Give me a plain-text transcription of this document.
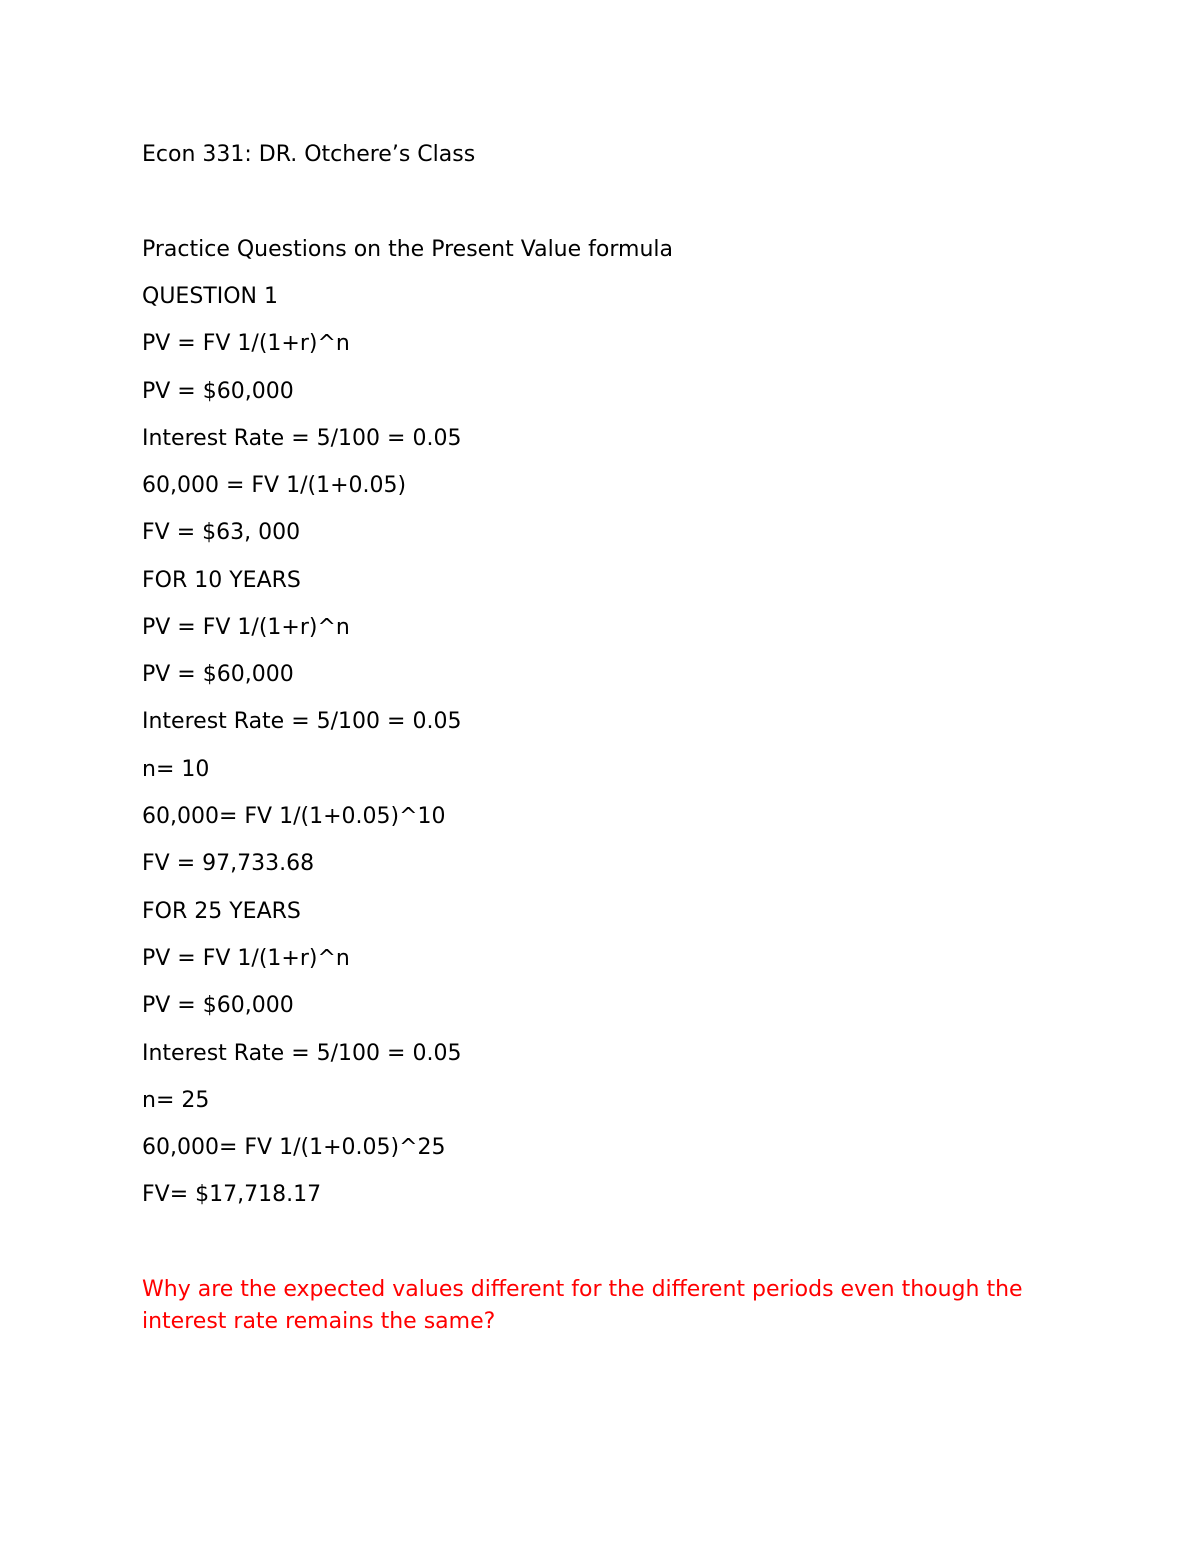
Econ 331: DR. Otchere’s Class

Practice Questions on the Present Value formula

QUESTION 1

PV = FV 1/(1+r)^n

PV = $60,000

Interest Rate = 5/100 = 0.05

60,000 = FV 1/(1+0.05)

FV = $63, 000

FOR 10 YEARS

PV = FV 1/(1+r)^n

PV = $60,000

Interest Rate = 5/100 = 0.05

n= 10

60,000= FV 1/(1+0.05)^10

FV = 97,733.68

FOR 25 YEARS

PV = FV 1/(1+r)^n

PV = $60,000

Interest Rate = 5/100 = 0.05

n= 25

60,000= FV 1/(1+0.05)^25

FV= $17,718.17

Why are the expected values different for the different periods even though the interest rate remains the same?
